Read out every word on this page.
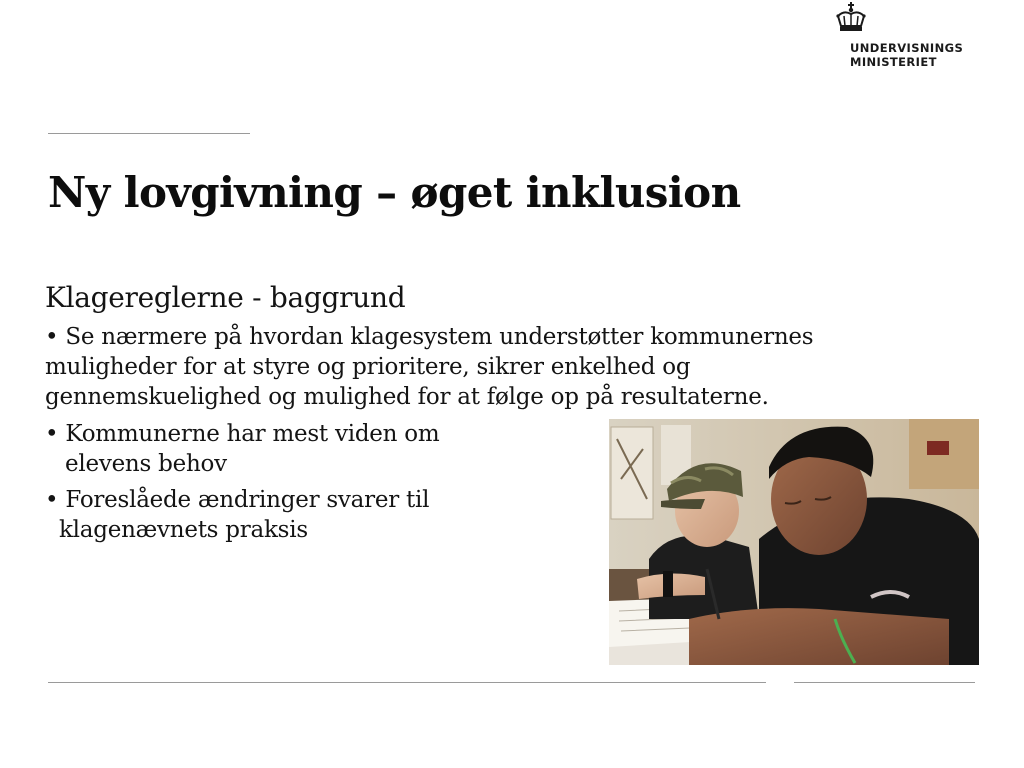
UNDERVISNINGS
MINISTERIET
Ny lovgivning – øget inklusion
Klagereglerne - baggrund
• Se nærmere på hvordan klagesystem understøtter kommunernes
muligheder for at styre og prioritere, sikrer enkelhed og
gennemskuelighed og mulighed for at følge op på resultaterne.
• Kommunerne har mest viden om
elevens behov
• Foreslåede ændringer svarer til
klagenævnets praksis
